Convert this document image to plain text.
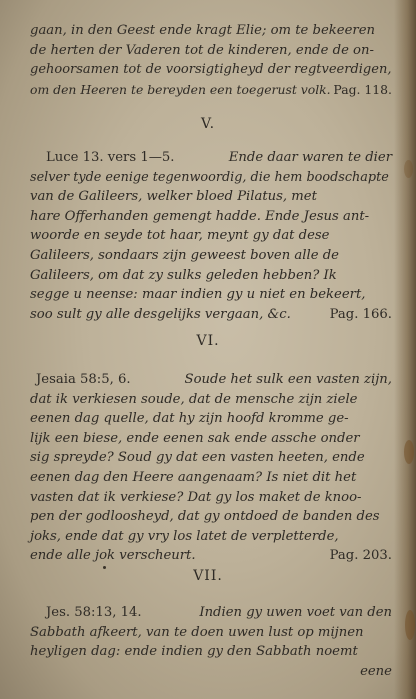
gaan, in den Geest ende kragt Elie; om te bekeeren
de herten der Vaderen tot de kinderen, ende de on-
gehoorsamen tot de voorsigtigheyd der regtveerdigen,
om den Heeren te bereyden een toegerust volk. Pag. 118.
V.
Luce 13. vers 1—5.	Ende daar waren te dier
selver tyde eenige tegenwoordig, die hem boodschapte
van de Galileers, welker bloed Pilatus, met
hare Offerhanden gemengt hadde. Ende Jesus ant-
woorde en seyde tot haar, meynt gy dat dese
Galileers, sondaars zijn geweest boven alle de
Galileers, om dat zy sulks geleden hebben? Ik
segge u neense: maar indien gy u niet en bekeert,
soo sult gy alle desgelijks vergaan, &c.	Pag. 166.
VI.
Jesaia 58:5, 6.	Soude het sulk een vasten zijn,
dat ik verkiesen soude, dat de mensche zijn ziele
eenen dag quelle, dat hy zijn hoofd kromme ge-
lijk een biese, ende eenen sak ende assche onder
sig spreyde? Soud gy dat een vasten heeten, ende
eenen dag den Heere aangenaam? Is niet dit het
vasten dat ik verkiese? Dat gy los maket de knoo-
pen der godloosheyd, dat gy ontdoed de banden des
joks, ende dat gy vry los latet de verpletterde,
ende alle jok verscheurt.	Pag. 203.
VII.
Jes. 58:13, 14.	Indien gy uwen voet van den
Sabbath afkeert, van te doen uwen lust op mijnen
heyligen dag: ende indien gy den Sabbath noemt
eene
